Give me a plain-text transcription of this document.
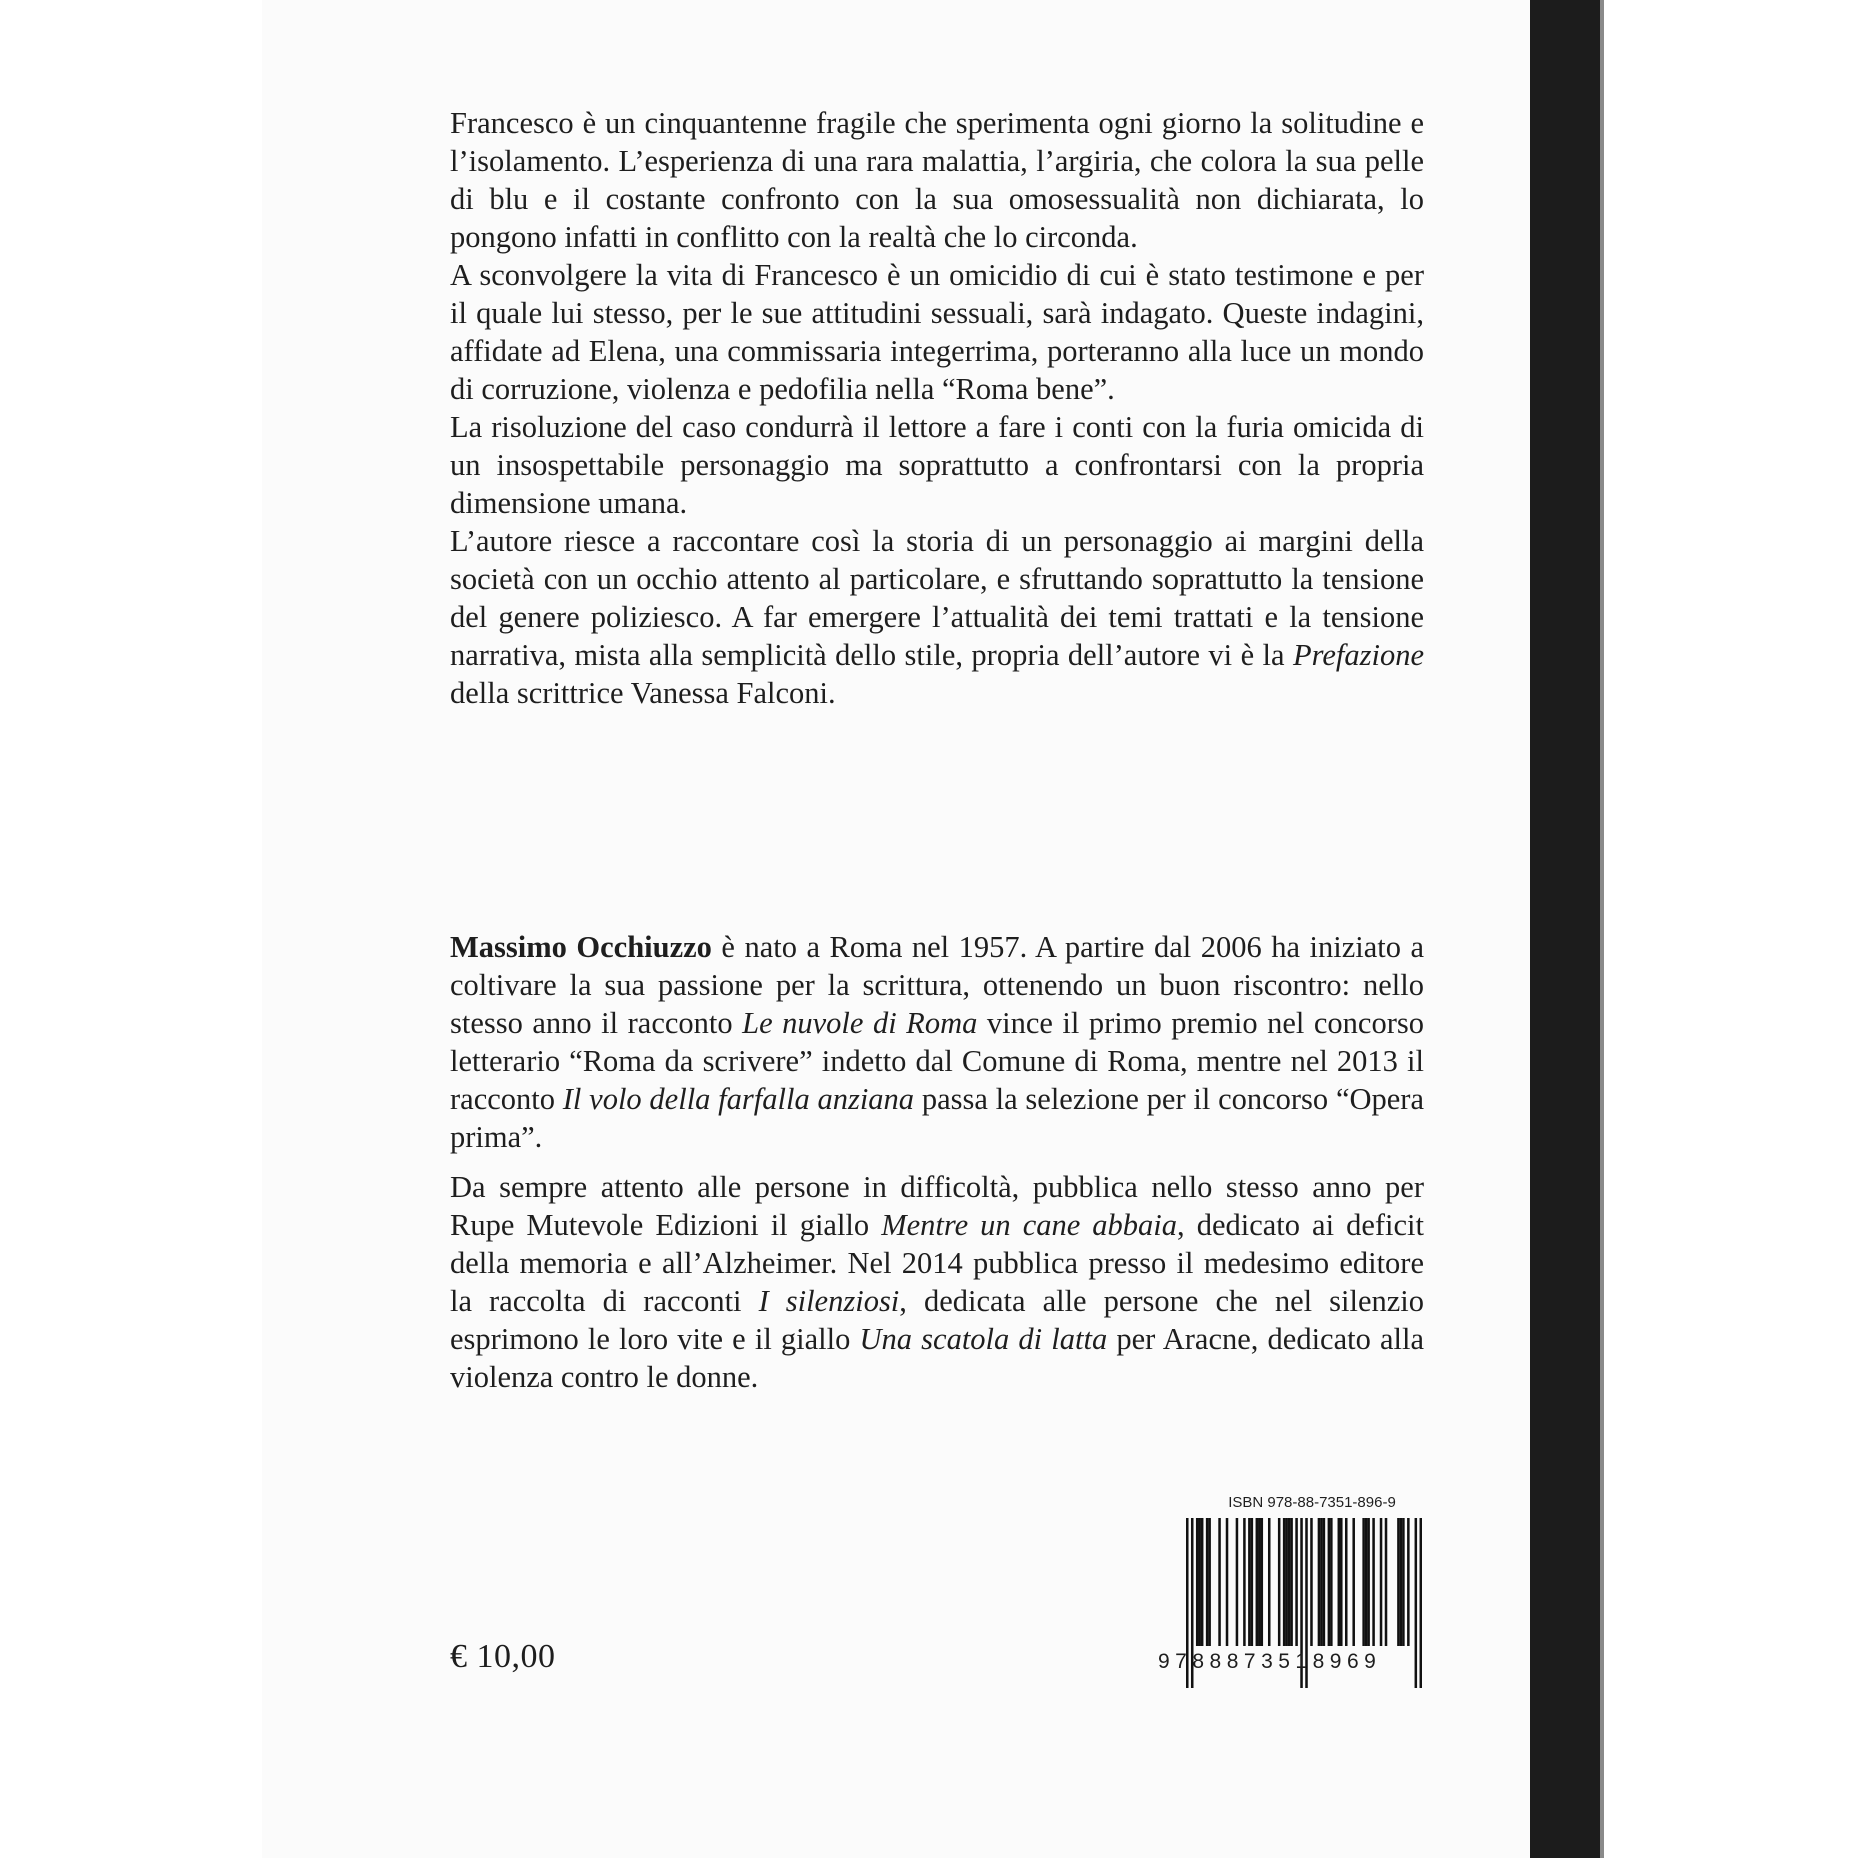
Francesco è un cinquantenne fragile che sperimenta ogni giorno la solitudine e l’isolamento. L’esperienza di una rara malattia, l’argiria, che colora la sua pelle di blu e il costante confronto con la sua omosessualità non dichiarata, lo pongono infatti in conflitto con la realtà che lo circonda.

A sconvolgere la vita di Francesco è un omicidio di cui è stato testimone e per il quale lui stesso, per le sue attitudini sessuali, sarà indagato. Queste indagini, affidate ad Elena, una commissaria integerrima, porteranno alla luce un mondo di corruzione, violenza e pedofilia nella “Roma bene”.

La risoluzione del caso condurrà il lettore a fare i conti con la furia omicida di un insospettabile personaggio ma soprattutto a confrontarsi con la propria dimensione umana.

L’autore riesce a raccontare così la storia di un personaggio ai margini della società con un occhio attento al particolare, e sfruttando soprattutto la tensione del genere poliziesco. A far emergere l’attualità dei temi trattati e la tensione narrativa, mista alla semplicità dello stile, propria dell’autore vi è la Prefazione della scrittrice Vanessa Falconi.

Massimo Occhiuzzo è nato a Roma nel 1957. A partire dal 2006 ha iniziato a coltivare la sua passione per la scrittura, ottenendo un buon riscontro: nello stesso anno il racconto Le nuvole di Roma vince il primo premio nel concorso letterario “Roma da scrivere” indetto dal Comune di Roma, mentre nel 2013 il racconto Il volo della farfalla anziana passa la selezione per il concorso “Opera prima”.

Da sempre attento alle persone in difficoltà, pubblica nello stesso anno per Rupe Mutevole Edizioni il giallo Mentre un cane abbaia, dedicato ai deficit della memoria e all’Alzheimer. Nel 2014 pubblica presso il medesimo editore la raccolta di racconti I silenziosi, dedicata alle persone che nel silenzio esprimono le loro vite e il giallo Una scatola di latta per Aracne, dedicato alla violenza contro le donne.

€ 10,00
ISBN 978-88-7351-896-9
9788873518969
